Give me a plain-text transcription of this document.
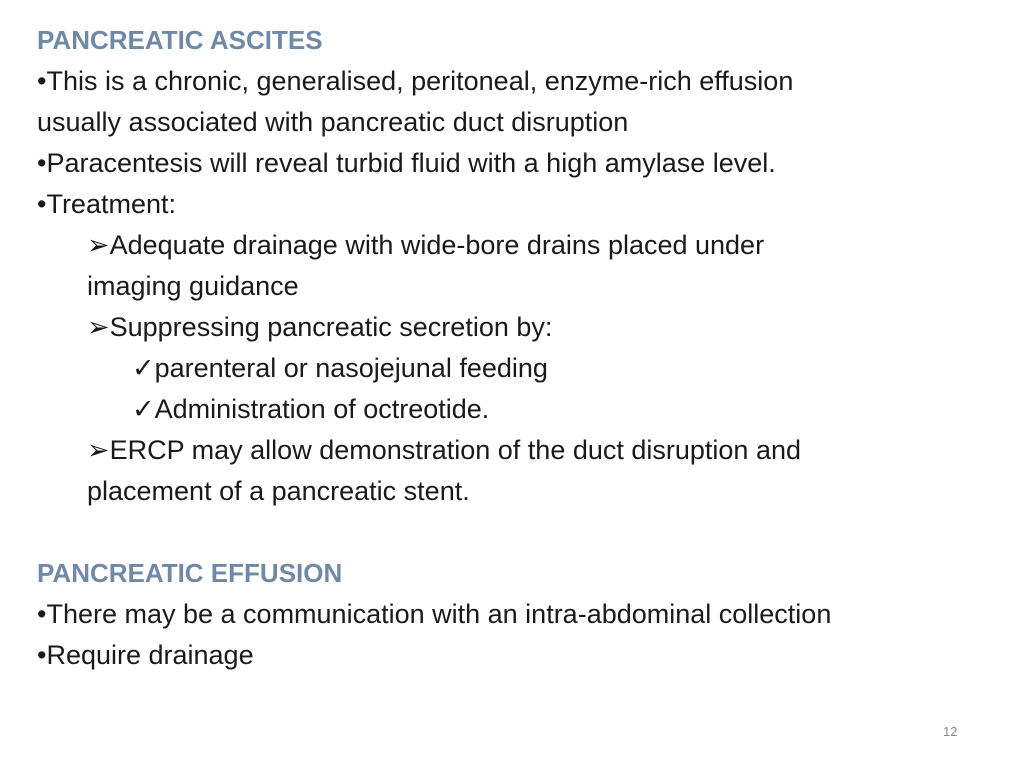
PANCREATIC ASCITES
•This is a chronic, generalised, peritoneal, enzyme-rich effusion
usually associated with pancreatic duct disruption
•Paracentesis will reveal turbid fluid with a high amylase level.
•Treatment:
➢Adequate drainage with wide-bore drains placed under
imaging guidance
➢Suppressing pancreatic secretion by:
✓parenteral or nasojejunal feeding
✓Administration of octreotide.
➢ERCP may allow demonstration of the duct disruption and
placement of a pancreatic stent.
PANCREATIC EFFUSION
•There may be a communication with an intra-abdominal collection
•Require drainage
12
